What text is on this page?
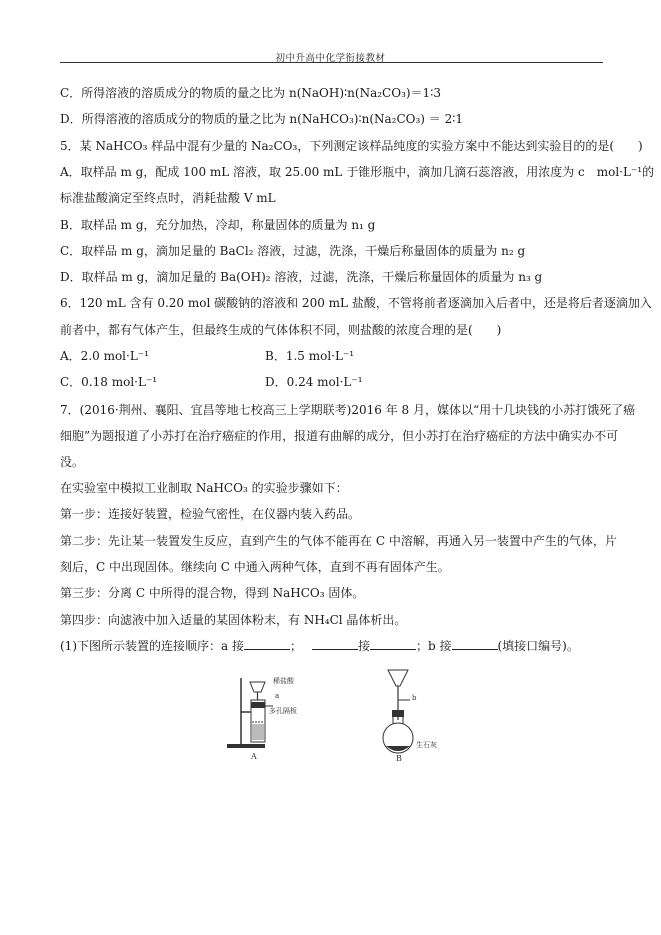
初中升高中化学衔接教材
C．所得溶液的溶质成分的物质的量之比为 n(NaOH)∶n(Na₂CO₃)＝1∶3
D．所得溶液的溶质成分的物质的量之比为 n(NaHCO₃)∶n(Na₂CO₃) ＝ 2∶1
5．某 NaHCO₃ 样品中混有少量的 Na₂CO₃，下列测定该样品纯度的实验方案中不能达到实验目的的是(　　)
A．取样品 m g，配成 100 mL 溶液，取 25.00 mL 于锥形瓶中，滴加几滴石蕊溶液，用浓度为 c　mol·L⁻¹的
标准盐酸滴定至终点时，消耗盐酸 V mL
B．取样品 m g，充分加热，冷却，称量固体的质量为 n₁ g
C．取样品 m g，滴加足量的 BaCl₂ 溶液，过滤，洗涤，干燥后称量固体的质量为 n₂ g
D．取样品 m g，滴加足量的 Ba(OH)₂ 溶液，过滤，洗涤，干燥后称量固体的质量为 n₃ g
6．120 mL 含有 0.20 mol 碳酸钠的溶液和 200 mL 盐酸，不管将前者逐滴加入后者中，还是将后者逐滴加入
前者中，都有气体产生，但最终生成的气体体积不同，则盐酸的浓度合理的是(　　)
A．2.0 mol·L⁻¹	B．1.5 mol·L⁻¹
C．0.18 mol·L⁻¹	D．0.24 mol·L⁻¹
7．(2016·荆州、襄阳、宜昌等地七校高三上学期联考)2016 年 8 月，媒体以“用十几块钱的小苏打饿死了癌
细胞”为题报道了小苏打在治疗癌症的作用，报道有曲解的成分，但小苏打在治疗癌症的方法中确实办不可
没。
在实验室中模拟工业制取 NaHCO₃ 的实验步骤如下：
第一步：连接好装置，检验气密性，在仪器内装入药品。
第二步：先让某一装置发生反应，直到产生的气体不能再在 C 中溶解，再通入另一装置中产生的气体，片
刻后，C 中出现固体。继续向 C 中通入两种气体，直到不再有固体产生。
第三步：分离 C 中所得的混合物，得到 NaHCO₃ 固体。
第四步：向滤液中加入适量的某固体粉末，有 NH₄Cl 晶体析出。
(1)下图所示装置的连接顺序：a 接	；	接	；b 接	(填接口编号)。
稀盐酸
a
多孔隔板
A
b
生石灰
B
